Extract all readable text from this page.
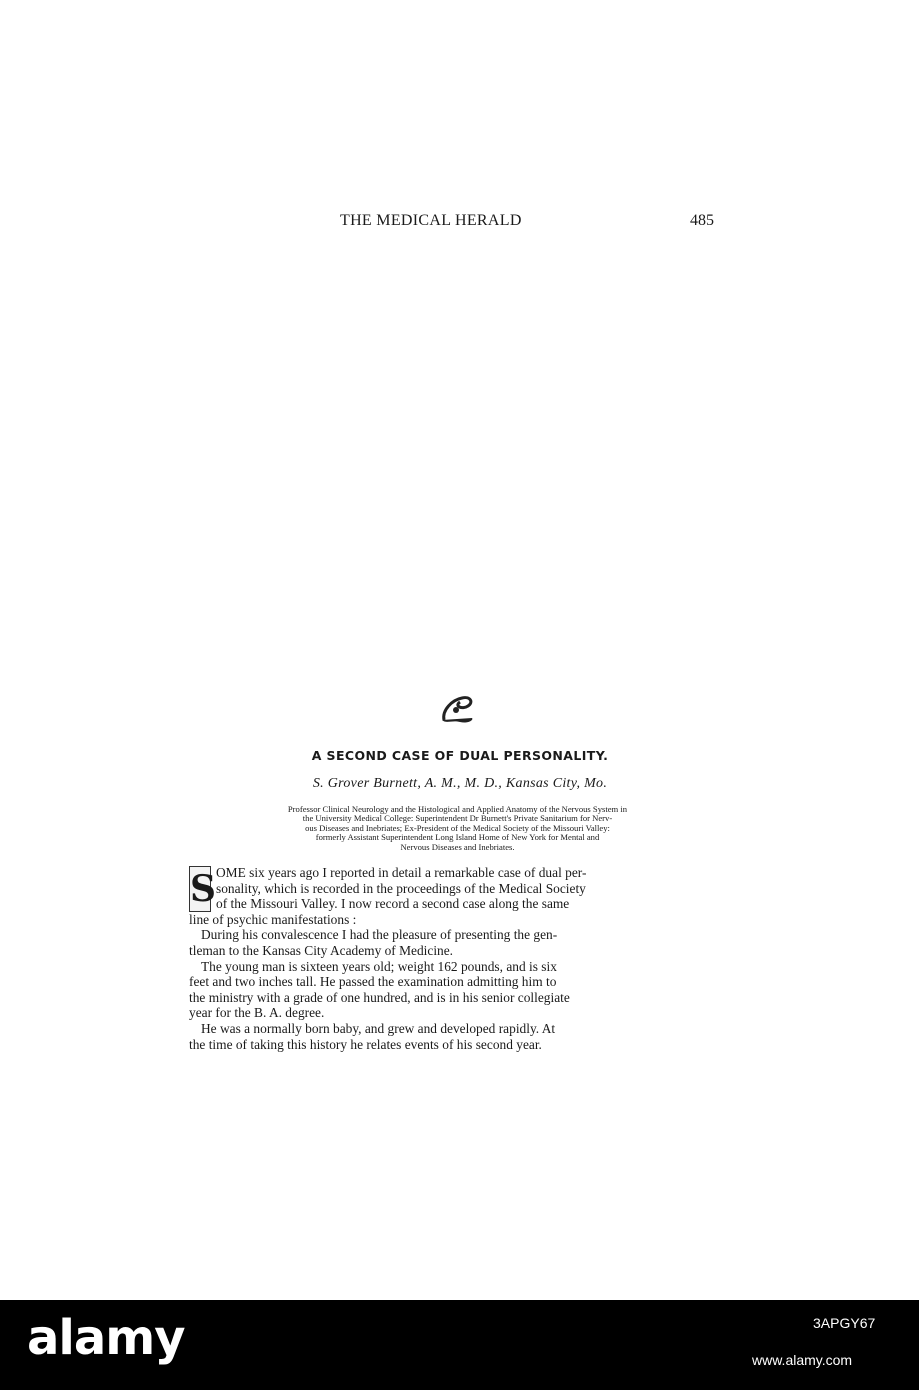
THE MEDICAL HERALD	485
A SECOND CASE OF DUAL PERSONALITY.
S. Grover Burnett, A. M., M. D., Kansas City, Mo.
Professor Clinical Neurology and the Histological and Applied Anatomy of the Nervous System in
the University Medical College: Superintendent Dr Burnett's Private Sanitarium for Nerv-
ous Diseases and Inebriates; Ex-President of the Medical Society of the Missouri Valley:
formerly Assistant Superintendent Long Island Home of New York for Mental and
Nervous Diseases and Inebriates.
S OME six years ago I reported in detail a remarkable case of dual per-
sonality, which is recorded in the proceedings of the Medical Society
of the Missouri Valley. I now record a second case along the same
line of psychic manifestations :
During his convalescence I had the pleasure of presenting the gen-
tleman to the Kansas City Academy of Medicine.
The young man is sixteen years old; weight 162 pounds, and is six
feet and two inches tall. He passed the examination admitting him to
the ministry with a grade of one hundred, and is in his senior collegiate
year for the B. A. degree.
He was a normally born baby, and grew and developed rapidly. At
the time of taking this history he relates events of his second year.
alamy	3APGY67
www.alamy.com
